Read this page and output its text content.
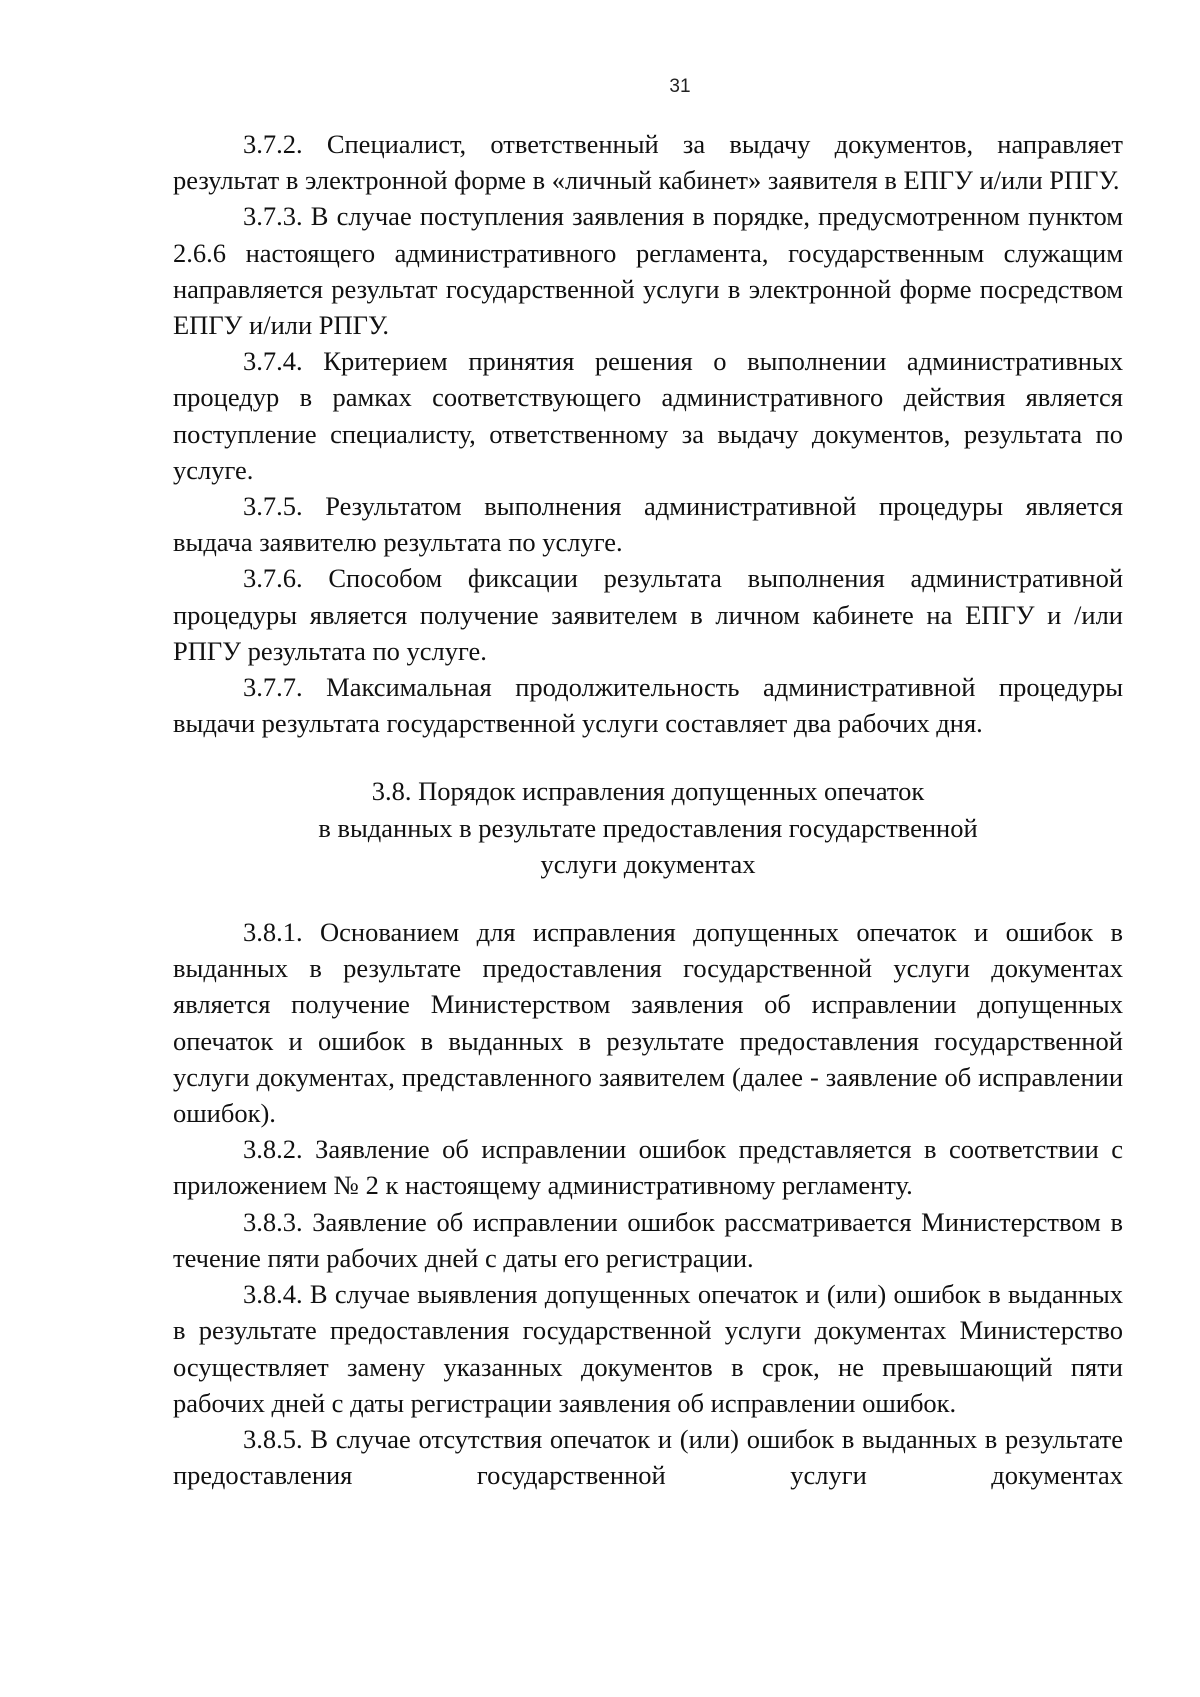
31

3.7.2. Специалист, ответственный за выдачу документов, направляет результат в электронной форме в «личный кабинет» заявителя в ЕПГУ и/или РПГУ.

3.7.3. В случае поступления заявления в порядке, предусмотренном пунктом 2.6.6 настоящего административного регламента, государственным служащим направляется результат государственной услуги в электронной форме посредством ЕПГУ и/или РПГУ.

3.7.4. Критерием принятия решения о выполнении административных процедур в рамках соответствующего административного действия является поступление специалисту, ответственному за выдачу документов, результата по услуге.

3.7.5. Результатом выполнения административной процедуры является выдача заявителю результата по услуге.

3.7.6. Способом фиксации результата выполнения административной процедуры является получение заявителем в личном кабинете на ЕПГУ и /или РПГУ результата по услуге.

3.7.7. Максимальная продолжительность административной процедуры выдачи результата государственной услуги составляет два рабочих дня.

3.8. Порядок исправления допущенных опечаток
в выданных в результате предоставления государственной
услуги документах

3.8.1. Основанием для исправления допущенных опечаток и ошибок в выданных в результате предоставления государственной услуги документах является получение Министерством заявления об исправлении допущенных опечаток и ошибок в выданных в результате предоставления государственной услуги документах, представленного заявителем (далее - заявление об исправлении ошибок).

3.8.2. Заявление об исправлении ошибок представляется в соответствии с приложением № 2 к настоящему административному регламенту.

3.8.3. Заявление об исправлении ошибок рассматривается Министерством в течение пяти рабочих дней с даты его регистрации.

3.8.4. В случае выявления допущенных опечаток и (или) ошибок в выданных в результате предоставления государственной услуги документах Министерство осуществляет замену указанных документов в срок, не превышающий пяти рабочих дней с даты регистрации заявления об исправлении ошибок.

3.8.5. В случае отсутствия опечаток и (или) ошибок в выданных в результате предоставления государственной услуги документах
